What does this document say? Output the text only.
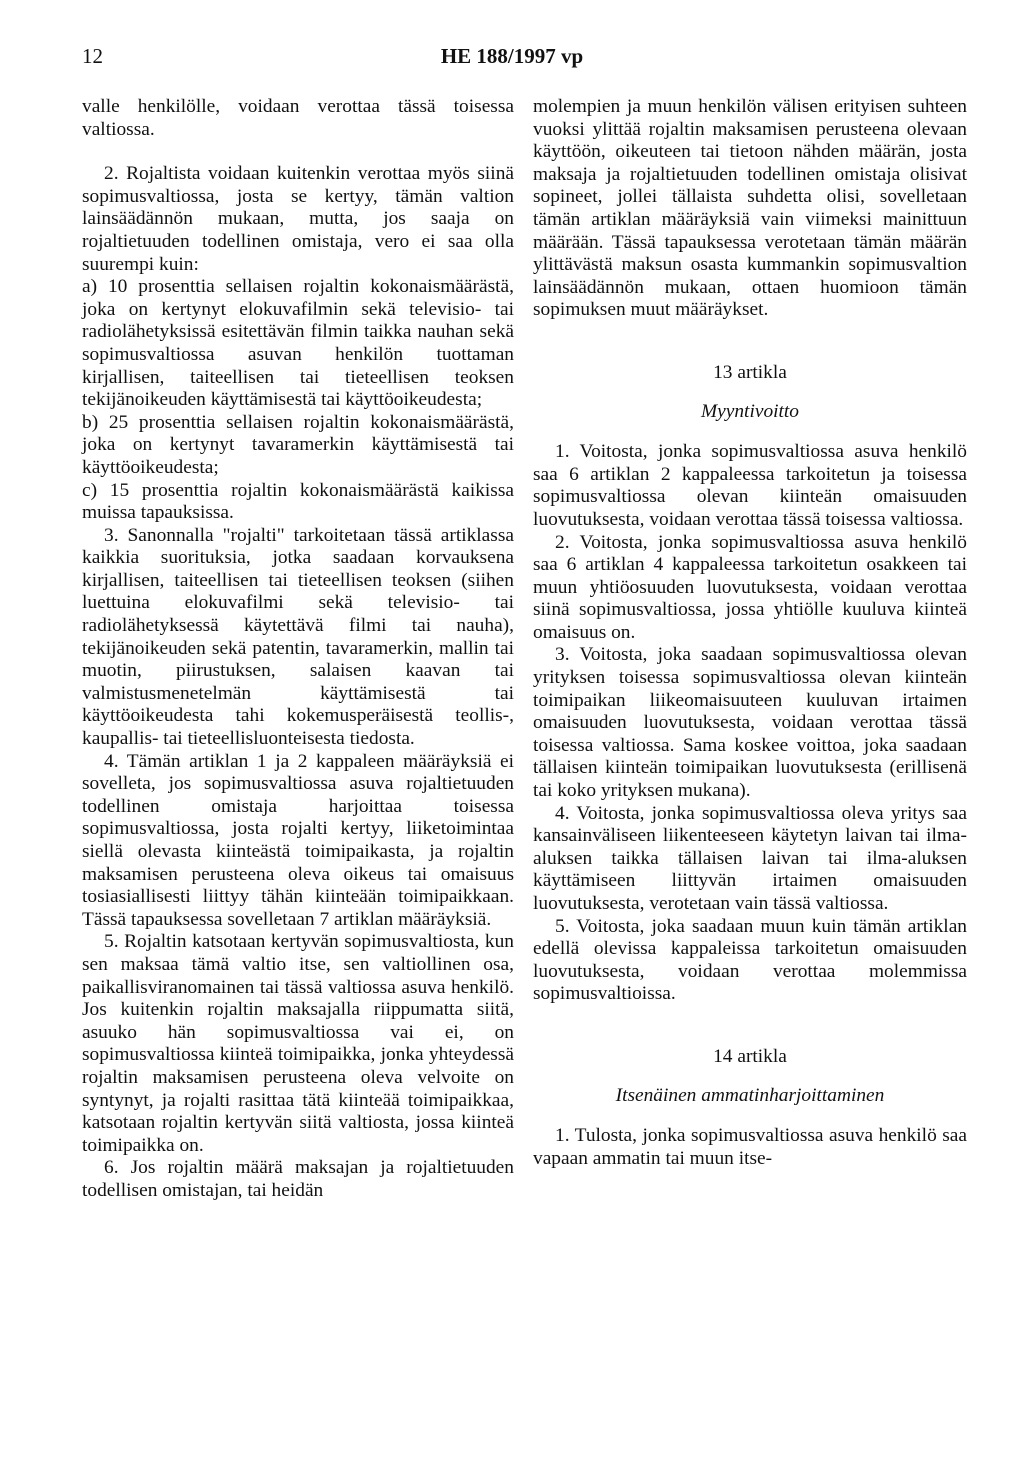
12	HE 188/1997 vp

valle henkilölle, voidaan verottaa tässä toisessa valtiossa.

2. Rojaltista voidaan kuitenkin verottaa myös siinä sopimusvaltiossa, josta se kertyy, tämän valtion lainsäädännön mukaan, mutta, jos saaja on rojaltietuuden todellinen omistaja, vero ei saa olla suurempi kuin:

a) 10 prosenttia sellaisen rojaltin kokonaismäärästä, joka on kertynyt elokuvafilmin sekä televisio- tai radiolähetyksissä esitettävän filmin taikka nauhan sekä sopimusvaltiossa asuvan henkilön tuottaman kirjallisen, taiteellisen tai tieteellisen teoksen tekijänoikeuden käyttämisestä tai käyttöoikeudesta;

b) 25 prosenttia sellaisen rojaltin kokonaismäärästä, joka on kertynyt tavaramerkin käyttämisestä tai käyttöoikeudesta;

c) 15 prosenttia rojaltin kokonaismäärästä kaikissa muissa tapauksissa.

3. Sanonnalla "rojalti" tarkoitetaan tässä artiklassa kaikkia suorituksia, jotka saadaan korvauksena kirjallisen, taiteellisen tai tieteellisen teoksen (siihen luettuina elokuvafilmi sekä televisio- tai radiolähetyksessä käytettävä filmi tai nauha), tekijänoikeuden sekä patentin, tavaramerkin, mallin tai muotin, piirustuksen, salaisen kaavan tai valmistusmenetelmän käyttämisestä tai käyttöoikeudesta tahi kokemusperäisestä teollis-, kaupallis- tai tieteellisluonteisesta tiedosta.

4. Tämän artiklan 1 ja 2 kappaleen määräyksiä ei sovelleta, jos sopimusvaltiossa asuva rojaltietuuden todellinen omistaja harjoittaa toisessa sopimusvaltiossa, josta rojalti kertyy, liiketoimintaa siellä olevasta kiinteästä toimipaikasta, ja rojaltin maksamisen perusteena oleva oikeus tai omaisuus tosiasiallisesti liittyy tähän kiinteään toimipaikkaan. Tässä tapauksessa sovelletaan 7 artiklan määräyksiä.

5. Rojaltin katsotaan kertyvän sopimusvaltiosta, kun sen maksaa tämä valtio itse, sen valtiollinen osa, paikallisviranomainen tai tässä valtiossa asuva henkilö. Jos kuitenkin rojaltin maksajalla riippumatta siitä, asuuko hän sopimusvaltiossa vai ei, on sopimusvaltiossa kiinteä toimipaikka, jonka yhteydessä rojaltin maksamisen perusteena oleva velvoite on syntynyt, ja rojalti rasittaa tätä kiinteää toimipaikkaa, katsotaan rojaltin kertyvän siitä valtiosta, jossa kiinteä toimipaikka on.

6. Jos rojaltin määrä maksajan ja rojaltietuuden todellisen omistajan, tai heidän

molempien ja muun henkilön välisen erityisen suhteen vuoksi ylittää rojaltin maksamisen perusteena olevaan käyttöön, oikeuteen tai tietoon nähden määrän, josta maksaja ja rojaltietuuden todellinen omistaja olisivat sopineet, jollei tällaista suhdetta olisi, sovelletaan tämän artiklan määräyksiä vain viimeksi mainittuun määrään. Tässä tapauksessa verotetaan tämän määrän ylittävästä maksun osasta kummankin sopimusvaltion lainsäädännön mukaan, ottaen huomioon tämän sopimuksen muut määräykset.

13 artikla

Myyntivoitto

1. Voitosta, jonka sopimusvaltiossa asuva henkilö saa 6 artiklan 2 kappaleessa tarkoitetun ja toisessa sopimusvaltiossa olevan kiinteän omaisuuden luovutuksesta, voidaan verottaa tässä toisessa valtiossa.

2. Voitosta, jonka sopimusvaltiossa asuva henkilö saa 6 artiklan 4 kappaleessa tarkoitetun osakkeen tai muun yhtiöosuuden luovutuksesta, voidaan verottaa siinä sopimusvaltiossa, jossa yhtiölle kuuluva kiinteä omaisuus on.

3. Voitosta, joka saadaan sopimusvaltiossa olevan yrityksen toisessa sopimusvaltiossa olevan kiinteän toimipaikan liikeomaisuuteen kuuluvan irtaimen omaisuuden luovutuksesta, voidaan verottaa tässä toisessa valtiossa. Sama koskee voittoa, joka saadaan tällaisen kiinteän toimipaikan luovutuksesta (erillisenä tai koko yrityksen mukana).

4. Voitosta, jonka sopimusvaltiossa oleva yritys saa kansainväliseen liikenteeseen käytetyn laivan tai ilma-aluksen taikka tällaisen laivan tai ilma-aluksen käyttämiseen liittyvän irtaimen omaisuuden luovutuksesta, verotetaan vain tässä valtiossa.

5. Voitosta, joka saadaan muun kuin tämän artiklan edellä olevissa kappaleissa tarkoitetun omaisuuden luovutuksesta, voidaan verottaa molemmissa sopimusvaltioissa.

14 artikla

Itsenäinen ammatinharjoittaminen

1. Tulosta, jonka sopimusvaltiossa asuva henkilö saa vapaan ammatin tai muun itse-
